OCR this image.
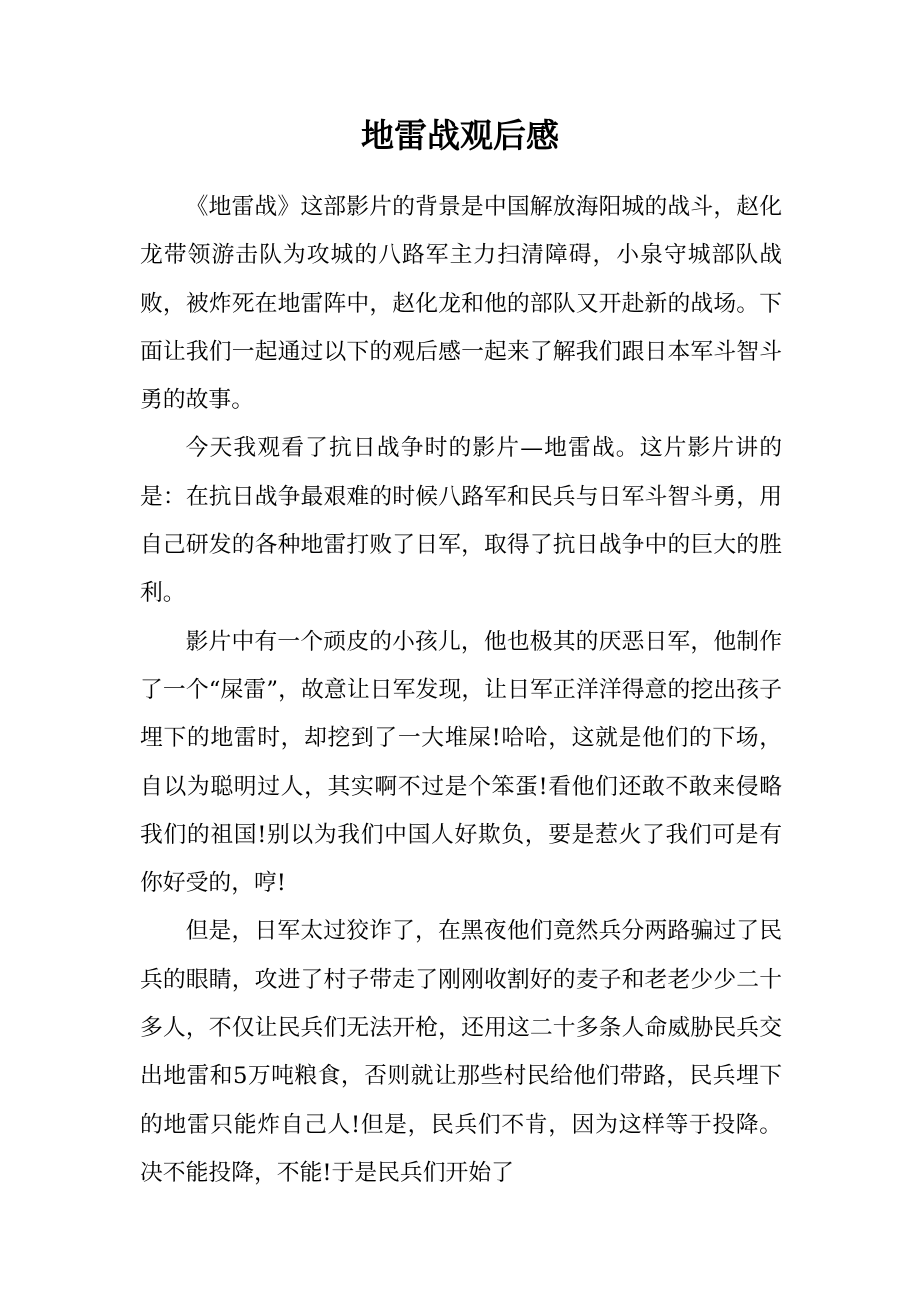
地雷战观后感

《地雷战》这部影片的背景是中国解放海阳城的战斗，赵化龙带领游击队为攻城的八路军主力扫清障碍，小泉守城部队战败，被炸死在地雷阵中，赵化龙和他的部队又开赴新的战场。下面让我们一起通过以下的观后感一起来了解我们跟日本军斗智斗勇的故事。

今天我观看了抗日战争时的影片—地雷战。这片影片讲的是：在抗日战争最艰难的时候八路军和民兵与日军斗智斗勇，用自己研发的各种地雷打败了日军，取得了抗日战争中的巨大的胜利。

影片中有一个顽皮的小孩儿，他也极其的厌恶日军，他制作了一个“屎雷”，故意让日军发现，让日军正洋洋得意的挖出孩子埋下的地雷时，却挖到了一大堆屎!哈哈，这就是他们的下场，自以为聪明过人，其实啊不过是个笨蛋!看他们还敢不敢来侵略我们的祖国!别以为我们中国人好欺负，要是惹火了我们可是有你好受的，哼!

但是，日军太过狡诈了，在黑夜他们竟然兵分两路骗过了民兵的眼睛，攻进了村子带走了刚刚收割好的麦子和老老少少二十多人，不仅让民兵们无法开枪，还用这二十多条人命威胁民兵交出地雷和5万吨粮食，否则就让那些村民给他们带路，民兵埋下的地雷只能炸自己人!但是，民兵们不肯，因为这样等于投降。决不能投降，不能!于是民兵们开始了
